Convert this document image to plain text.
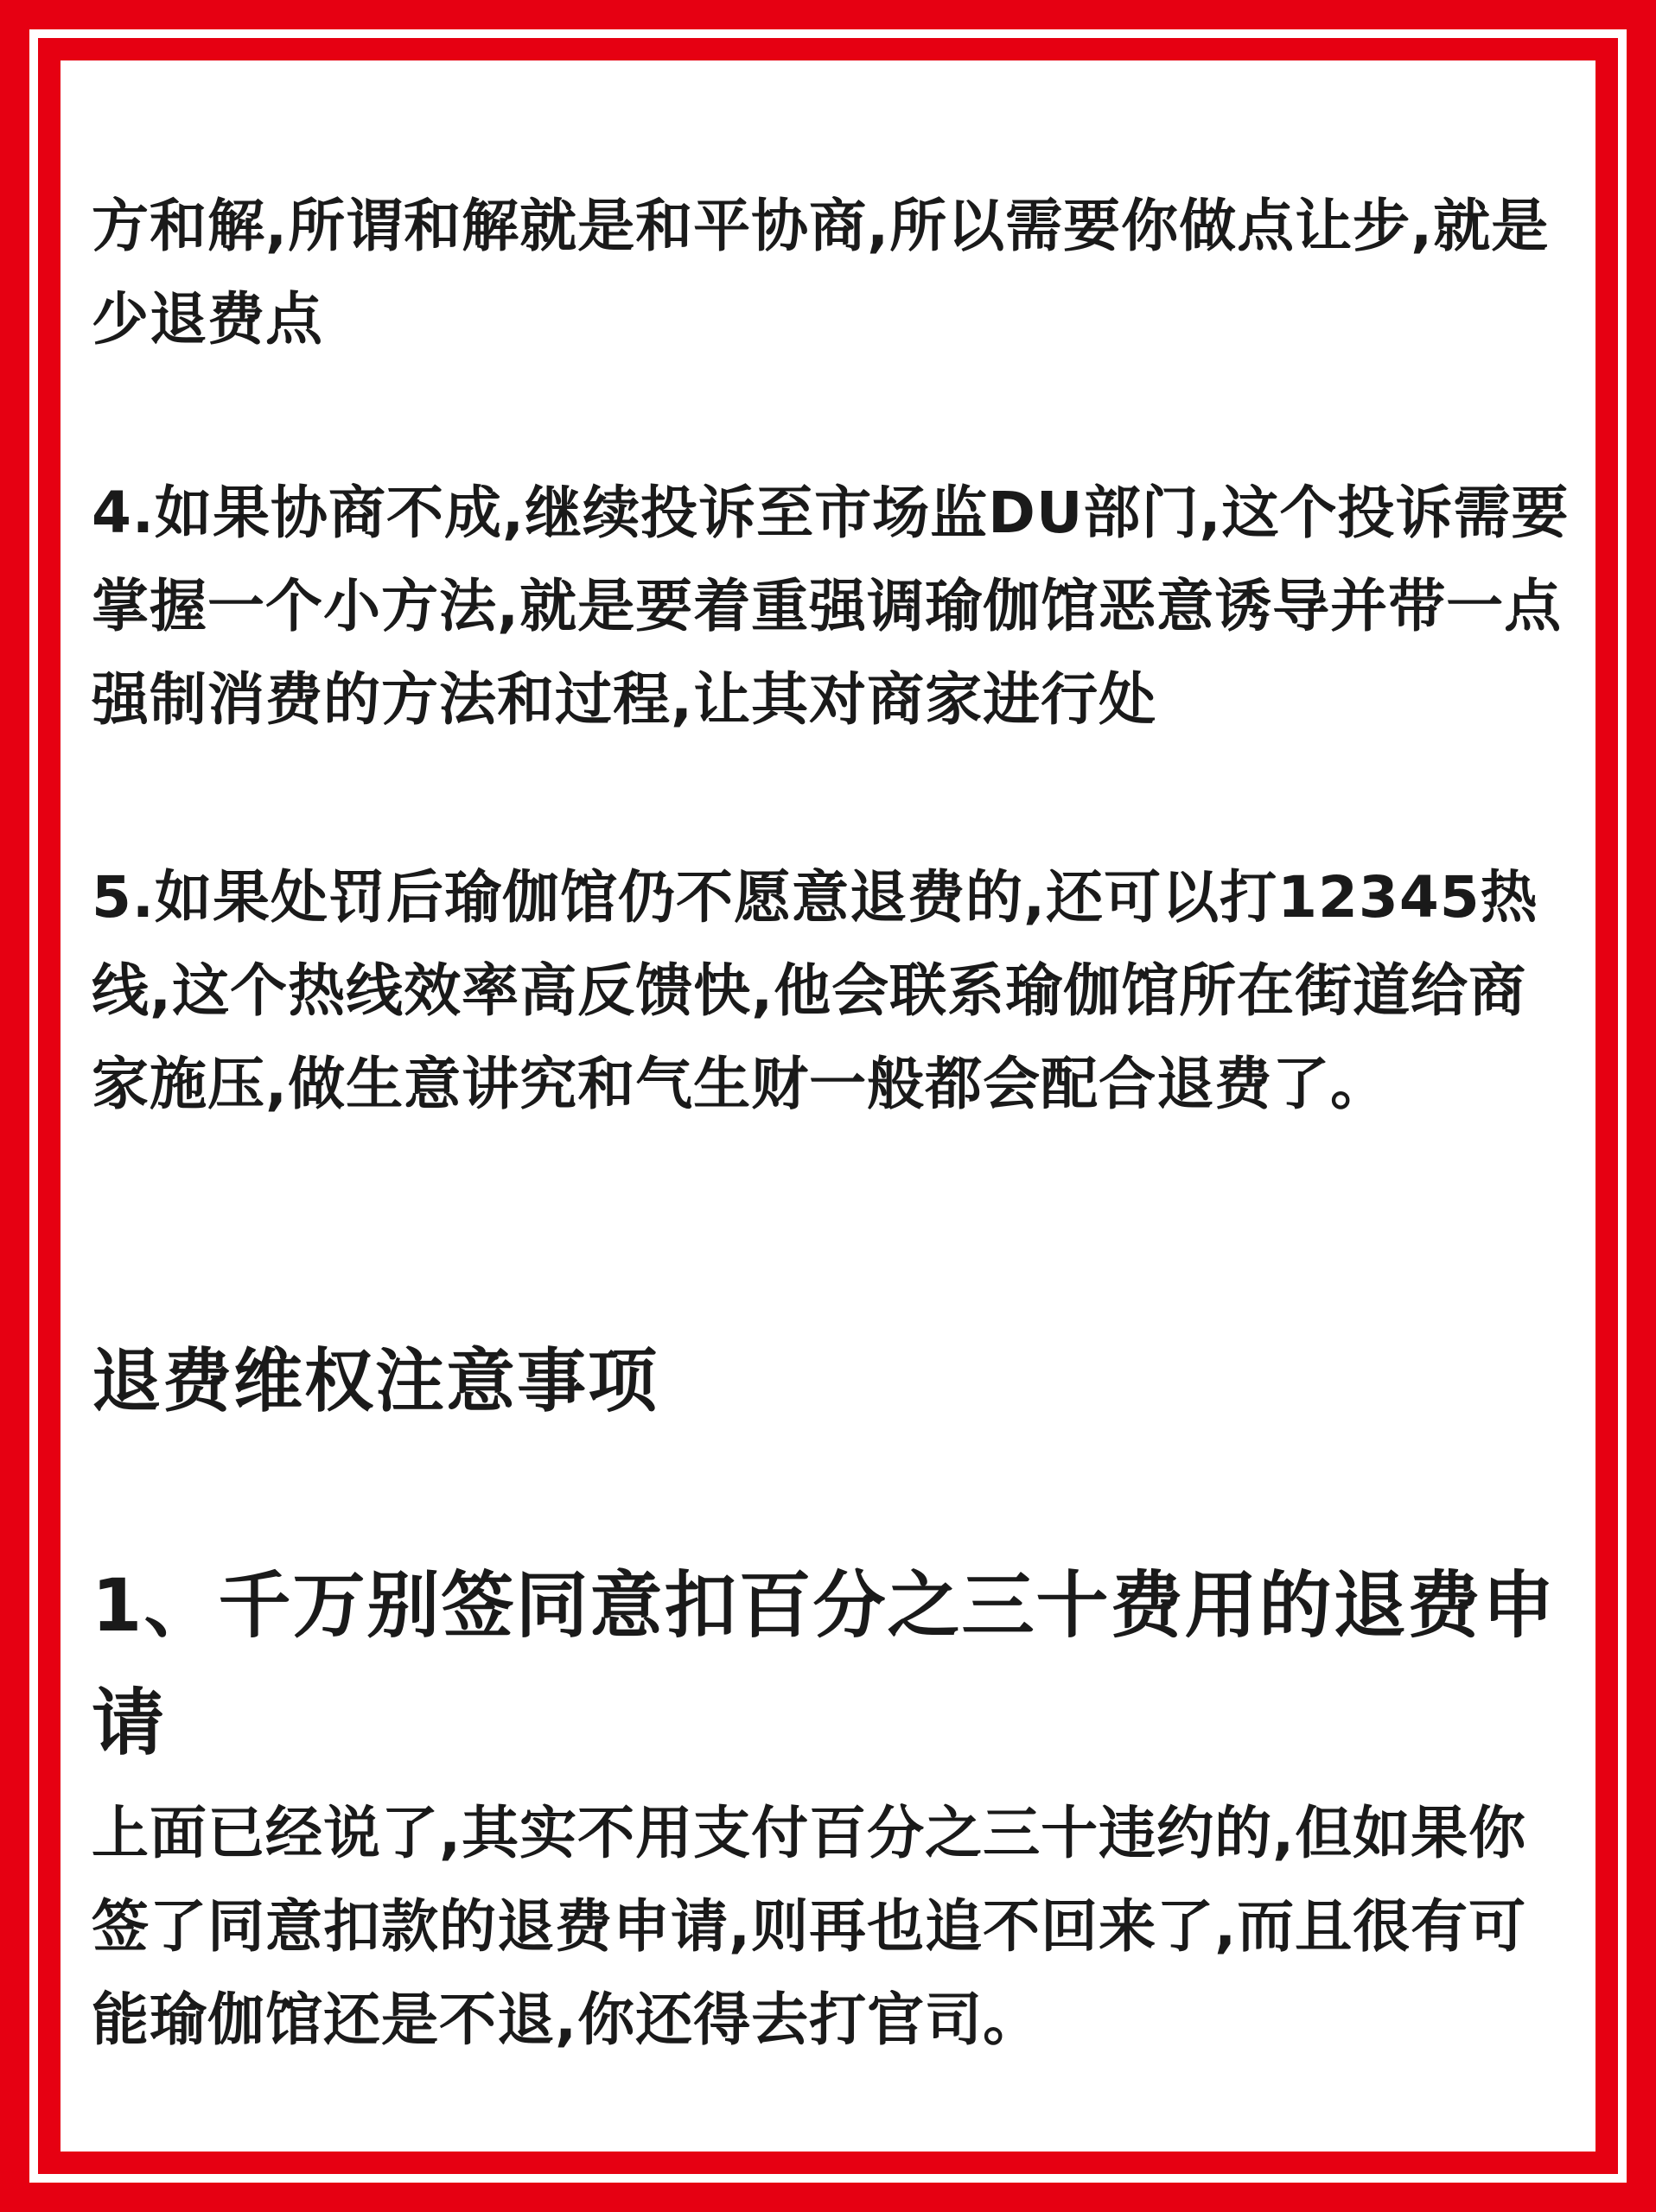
方和解,所谓和解就是和平协商,所以需要你做点让步,就是少退费点

4.如果协商不成,继续投诉至市场监DU部门,这个投诉需要掌握一个小方法,就是要着重强调瑜伽馆恶意诱导并带一点强制消费的方法和过程,让其对商家进行处

5.如果处罚后瑜伽馆仍不愿意退费的,还可以打12345热线,这个热线效率高反馈快,他会联系瑜伽馆所在街道给商家施压,做生意讲究和气生财一般都会配合退费了。

退费维权注意事项
1、千万别签同意扣百分之三十费用的退费申请

上面已经说了,其实不用支付百分之三十违约的,但如果你签了同意扣款的退费申请,则再也追不回来了,而且很有可能瑜伽馆还是不退,你还得去打官司。
